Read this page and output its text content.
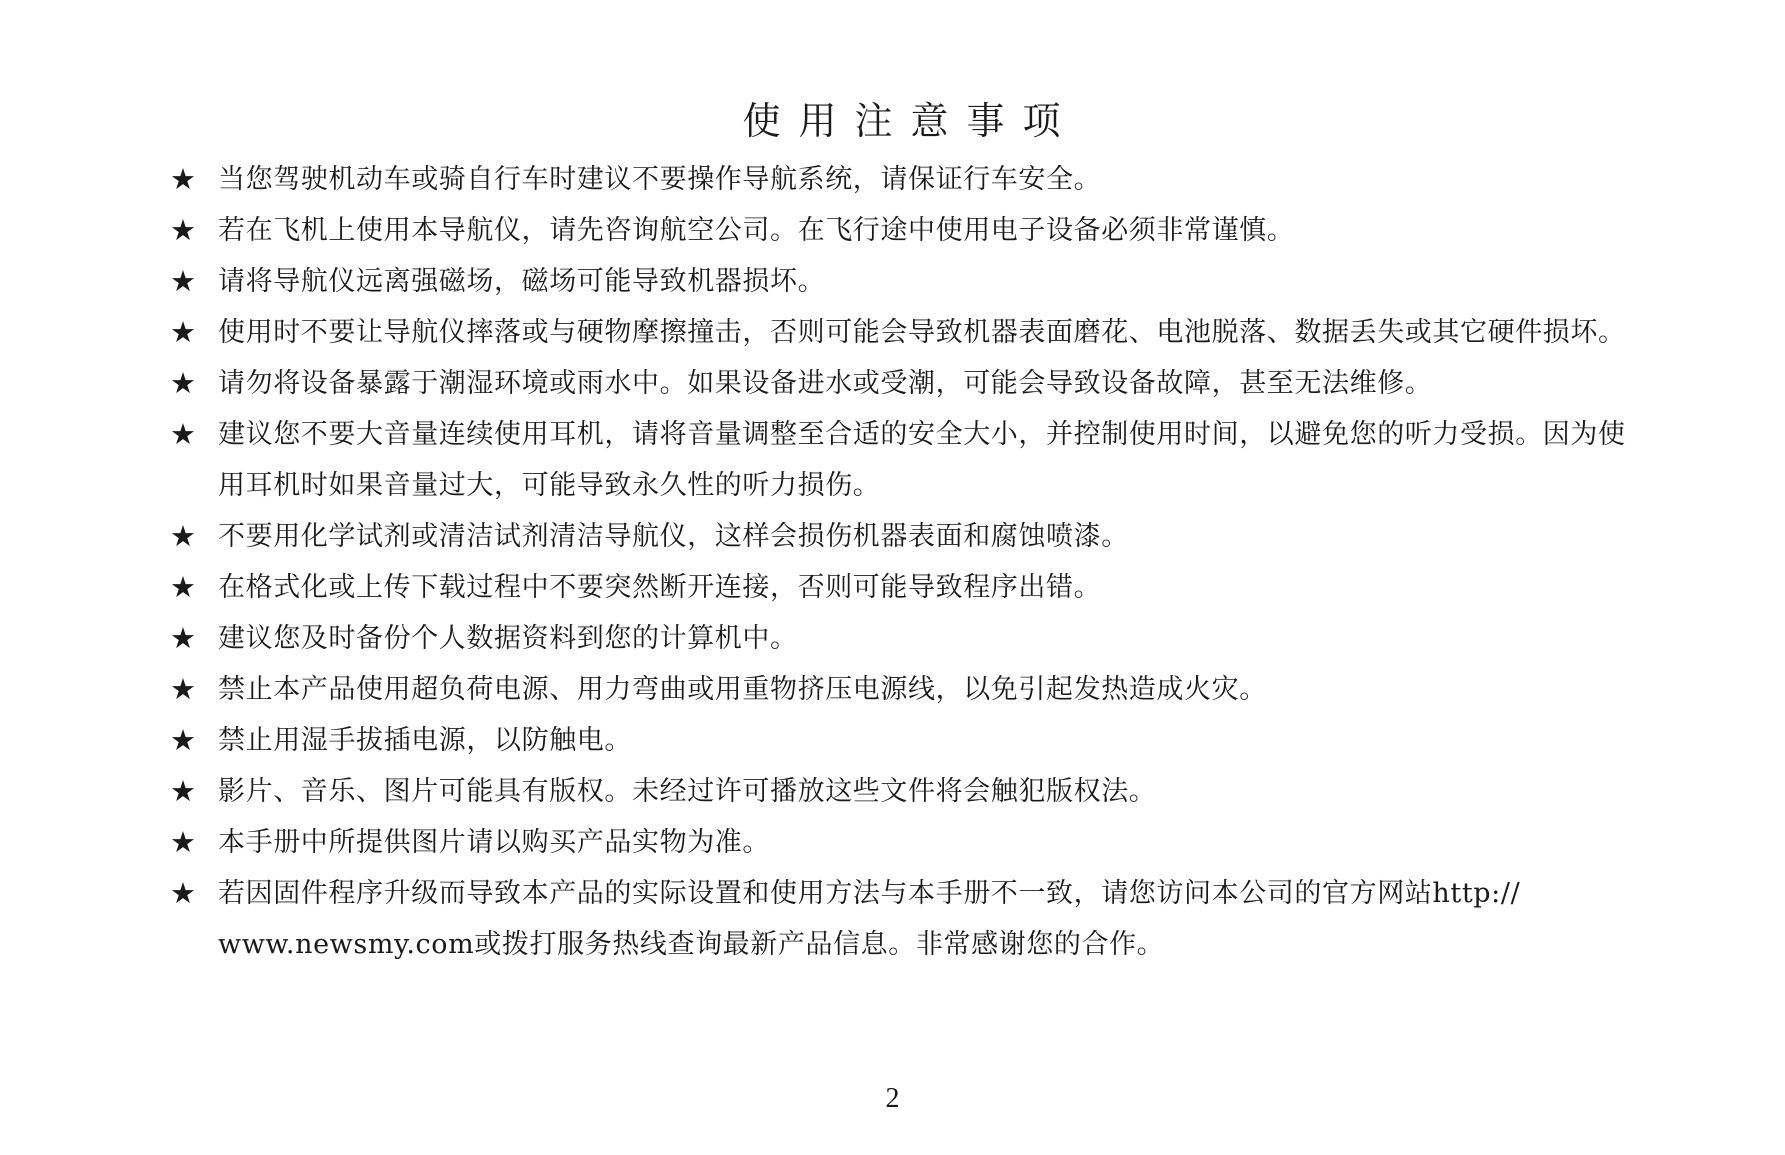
使用注意事项
★ 当您驾驶机动车或骑自行车时建议不要操作导航系统，请保证行车安全。
★ 若在飞机上使用本导航仪，请先咨询航空公司。在飞行途中使用电子设备必须非常谨慎。
★ 请将导航仪远离强磁场，磁场可能导致机器损坏。
★ 使用时不要让导航仪摔落或与硬物摩擦撞击，否则可能会导致机器表面磨花、电池脱落、数据丢失或其它硬件损坏。
★ 请勿将设备暴露于潮湿环境或雨水中。如果设备进水或受潮，可能会导致设备故障，甚至无法维修。
★ 建议您不要大音量连续使用耳机，请将音量调整至合适的安全大小，并控制使用时间，以避免您的听力受损。因为使用耳机时如果音量过大，可能导致永久性的听力损伤。
★ 不要用化学试剂或清洁试剂清洁导航仪，这样会损伤机器表面和腐蚀喷漆。
★ 在格式化或上传下载过程中不要突然断开连接，否则可能导致程序出错。
★ 建议您及时备份个人数据资料到您的计算机中。
★ 禁止本产品使用超负荷电源、用力弯曲或用重物挤压电源线，以免引起发热造成火灾。
★ 禁止用湿手拔插电源，以防触电。
★ 影片、音乐、图片可能具有版权。未经过许可播放这些文件将会触犯版权法。
★ 本手册中所提供图片请以购买产品实物为准。
★ 若因固件程序升级而导致本产品的实际设置和使用方法与本手册不一致，请您访问本公司的官方网站http:// www.newsmy.com或拨打服务热线查询最新产品信息。非常感谢您的合作。
2
